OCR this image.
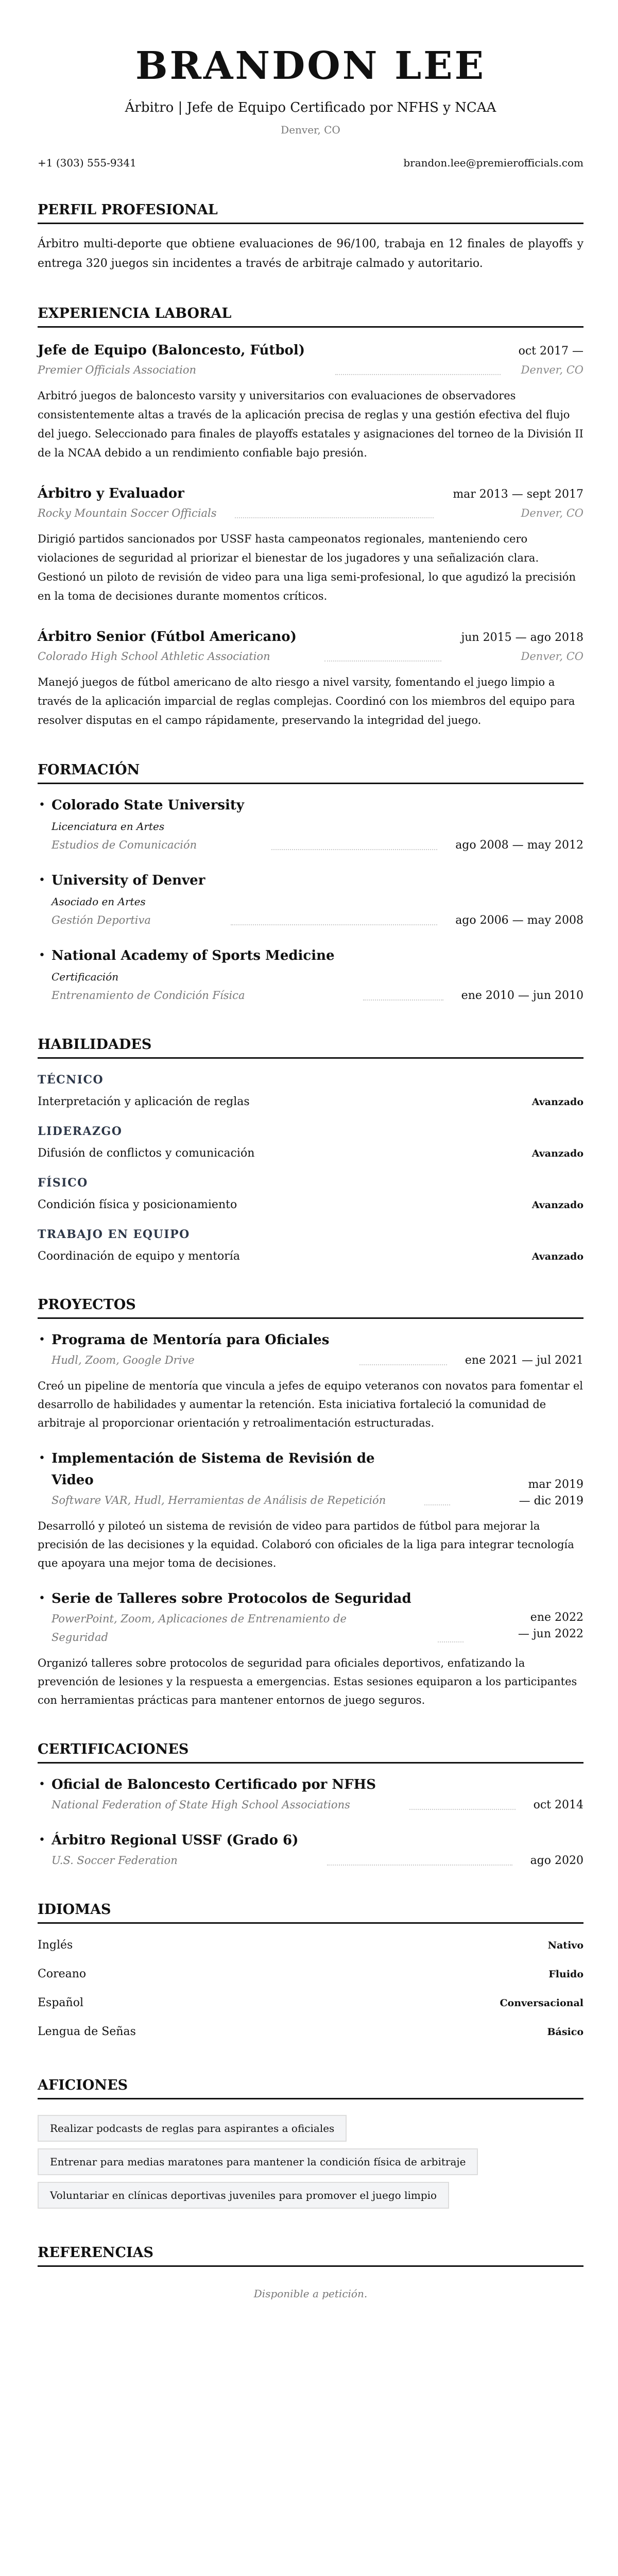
BRANDON LEE
Árbitro | Jefe de Equipo Certificado por NFHS y NCAA
Denver, CO
+1 (303) 555-9341	brandon.lee@premierofficials.com
PERFIL PROFESIONAL

Árbitro multi-deporte que obtiene evaluaciones de 96/100, trabaja en 12 finales de playoffs y entrega 320 juegos sin incidentes a través de arbitraje calmado y autoritario.

EXPERIENCIA LABORAL
Jefe de Equipo (Baloncesto, Fútbol)	oct 2017 —
Premier Officials Association	Denver, CO

Arbitró juegos de baloncesto varsity y universitarios con evaluaciones de observadores consistentemente altas a través de la aplicación precisa de reglas y una gestión efectiva del flujo del juego. Seleccionado para finales de playoffs estatales y asignaciones del torneo de la División II de la NCAA debido a un rendimiento confiable bajo presión.

Árbitro y Evaluador	mar 2013 — sept 2017
Rocky Mountain Soccer Officials	Denver, CO

Dirigió partidos sancionados por USSF hasta campeonatos regionales, manteniendo cero violaciones de seguridad al priorizar el bienestar de los jugadores y una señalización clara. Gestionó un piloto de revisión de video para una liga semi-profesional, lo que agudizó la precisión en la toma de decisiones durante momentos críticos.

Árbitro Senior (Fútbol Americano)	jun 2015 — ago 2018
Colorado High School Athletic Association	Denver, CO

Manejó juegos de fútbol americano de alto riesgo a nivel varsity, fomentando el juego limpio a través de la aplicación imparcial de reglas complejas. Coordinó con los miembros del equipo para resolver disputas en el campo rápidamente, preservando la integridad del juego.

FORMACIÓN
• Colorado State University
Licenciatura en Artes
Estudios de Comunicación	ago 2008 — may 2012
• University of Denver
Asociado en Artes
Gestión Deportiva	ago 2006 — may 2008
• National Academy of Sports Medicine
Certificación
Entrenamiento de Condición Física	ene 2010 — jun 2010
HABILIDADES
TÉCNICO
Interpretación y aplicación de reglas	Avanzado
LIDERAZGO
Difusión de conflictos y comunicación	Avanzado
FÍSICO
Condición física y posicionamiento	Avanzado
TRABAJO EN EQUIPO
Coordinación de equipo y mentoría	Avanzado
PROYECTOS
• Programa de Mentoría para Oficiales
Hudl, Zoom, Google Drive	ene 2021 — jul 2021

Creó un pipeline de mentoría que vincula a jefes de equipo veteranos con novatos para fomentar el desarrollo de habilidades y aumentar la retención. Esta iniciativa fortaleció la comunidad de arbitraje al proporcionar orientación y retroalimentación estructuradas.

• Implementación de Sistema de Revisión de Video
Software VAR, Hudl, Herramientas de Análisis de Repetición
mar 2019 — dic 2019

Desarrolló y piloteó un sistema de revisión de video para partidos de fútbol para mejorar la precisión de las decisiones y la equidad. Colaboró con oficiales de la liga para integrar tecnología que apoyara una mejor toma de decisiones.

• Serie de Talleres sobre Protocolos de Seguridad
PowerPoint, Zoom, Aplicaciones de Entrenamiento de Seguridad
ene 2022 — jun 2022

Organizó talleres sobre protocolos de seguridad para oficiales deportivos, enfatizando la prevención de lesiones y la respuesta a emergencias. Estas sesiones equiparon a los participantes con herramientas prácticas para mantener entornos de juego seguros.

CERTIFICACIONES
• Oficial de Baloncesto Certificado por NFHS
National Federation of State High School Associations	oct 2014
• Árbitro Regional USSF (Grado 6)
U.S. Soccer Federation	ago 2020
IDIOMAS
Inglés	Nativo
Coreano	Fluido
Español	Conversacional
Lengua de Señas	Básico
AFICIONES
Realizar podcasts de reglas para aspirantes a oficiales
Entrenar para medias maratones para mantener la condición física de arbitraje
Voluntariar en clínicas deportivas juveniles para promover el juego limpio
REFERENCIAS

Disponible a petición.
